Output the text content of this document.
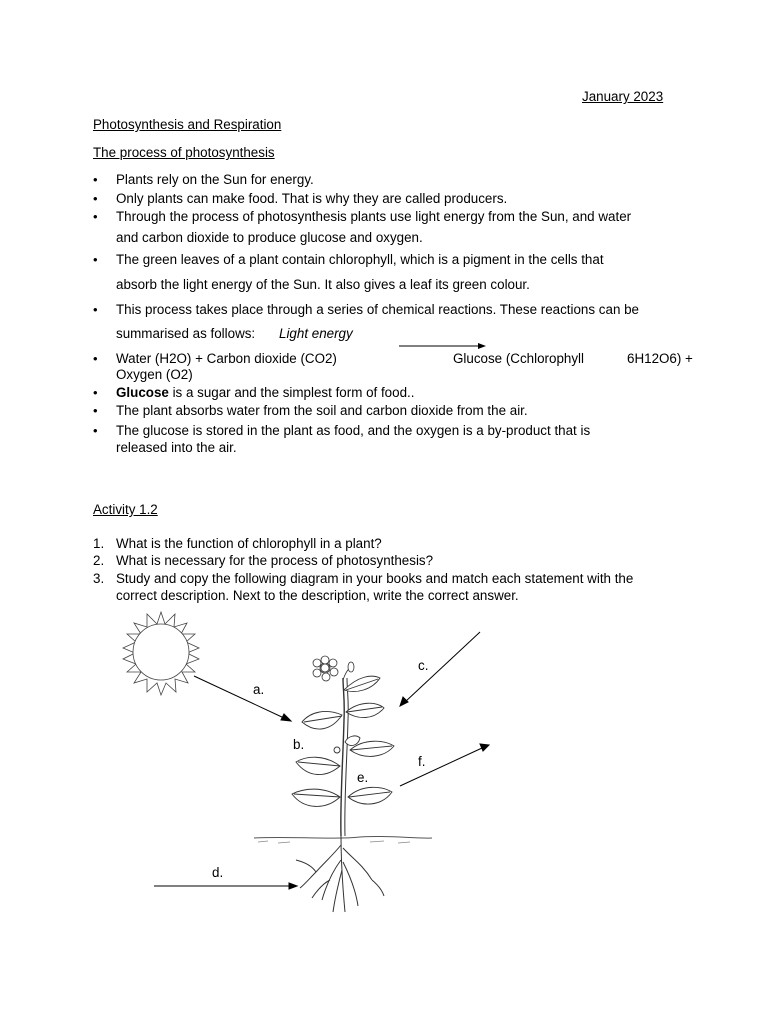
January 2023
Photosynthesis and Respiration
The process of photosynthesis
• Plants rely on the Sun for energy.
• Only plants can make food. That is why they are called producers.
• Through the process of photosynthesis plants use light energy from the Sun, and water
and carbon dioxide to produce glucose and oxygen.
• The green leaves of a plant contain chlorophyll, which is a pigment in the cells that
absorb the light energy of the Sun. It also gives a leaf its green colour.
• This process takes place through a series of chemical reactions. These reactions can be
summarised as follows: Light energy
• Water (H2O) + Carbon dioxide (CO2)	Glucose (Cchlorophyll	6H12O6) +
Oxygen (O2)
• Glucose is a sugar and the simplest form of food..
• The plant absorbs water from the soil and carbon dioxide from the air.
• The glucose is stored in the plant as food, and the oxygen is a by-product that is
released into the air.
Activity 1.2
1. What is the function of chlorophyll in a plant?
2. What is necessary for the process of photosynthesis?
3. Study and copy the following diagram in your books and match each statement with the
correct description. Next to the description, write the correct answer.
a.
b.
c.
d.
e.
f.
